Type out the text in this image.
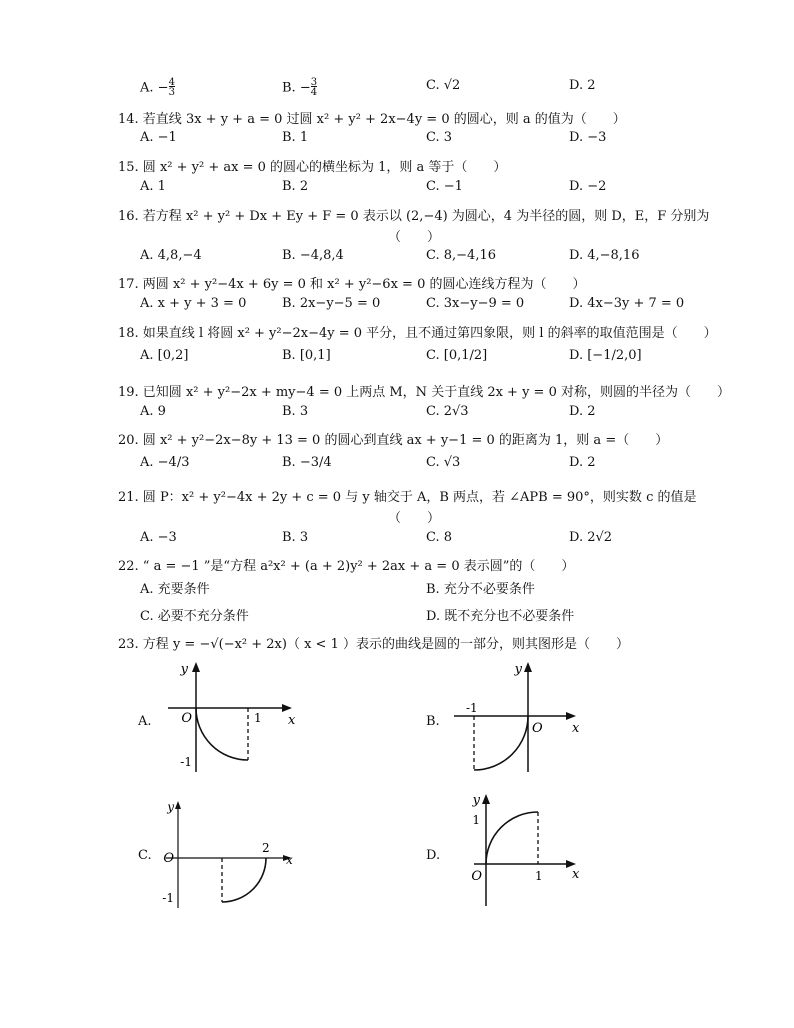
A. $-\frac{4}{3}$	B. $-\frac{3}{4}$	C. √2	D. 2
14. 若直线 3x + y + a = 0 过圆 x² + y² + 2x−4y = 0 的圆心，则 a 的值为（　　）
A. −1	B. 1	C. 3	D. −3
15. 圆 x² + y² + ax = 0 的圆心的横坐标为 1，则 a 等于（　　）
A. 1	B. 2	C. −1	D. −2
16. 若方程 x² + y² + Dx + Ey + F = 0 表示以 (2,−4) 为圆心，4 为半径的圆，则 D，E，F 分别为
（　　）
A. 4,8,−4	B. −4,8,4	C. 8,−4,16	D. 4,−8,16
17. 两圆 x² + y²−4x + 6y = 0 和 x² + y²−6x = 0 的圆心连线方程为（　　）
A. x + y + 3 = 0	B. 2x−y−5 = 0	C. 3x−y−9 = 0	D. 4x−3y + 7 = 0
18. 如果直线 l 将圆 x² + y²−2x−4y = 0 平分，且不通过第四象限，则 l 的斜率的取值范围是（　　）
A. [0,2]	B. [0,1]	C. [0,1/2]	D. [−1/2,0]
19. 已知圆 x² + y²−2x + my−4 = 0 上两点 M，N 关于直线 2x + y = 0 对称，则圆的半径为（　　）
A. 9	B. 3	C. 2√3	D. 2
20. 圆 x² + y²−2x−8y + 13 = 0 的圆心到直线 ax + y−1 = 0 的距离为 1，则 a =（　　）
A. −4/3	B. −3/4	C. √3	D. 2
21. 圆 P：x² + y²−4x + 2y + c = 0 与 y 轴交于 A，B 两点，若 ∠APB = 90°，则实数 c 的值是
（　　）
A. −3	B. 3	C. 8	D. 2√2
22. “ a = −1 ”是“方程 a²x² + (a + 2)y² + 2ax + a = 0 表示圆”的（　　）
A. 充要条件	B. 充分不必要条件
C. 必要不充分条件	D. 既不充分也不必要条件
23. 方程 y = −√(−x² + 2x)（ x < 1 ）表示的曲线是圆的一部分，则其图形是（　　）
A.
y
x
O	1
-1
B.
y
x
O
-1
C.
y
x
O
2
-1
D.
y
x
O	1
1
